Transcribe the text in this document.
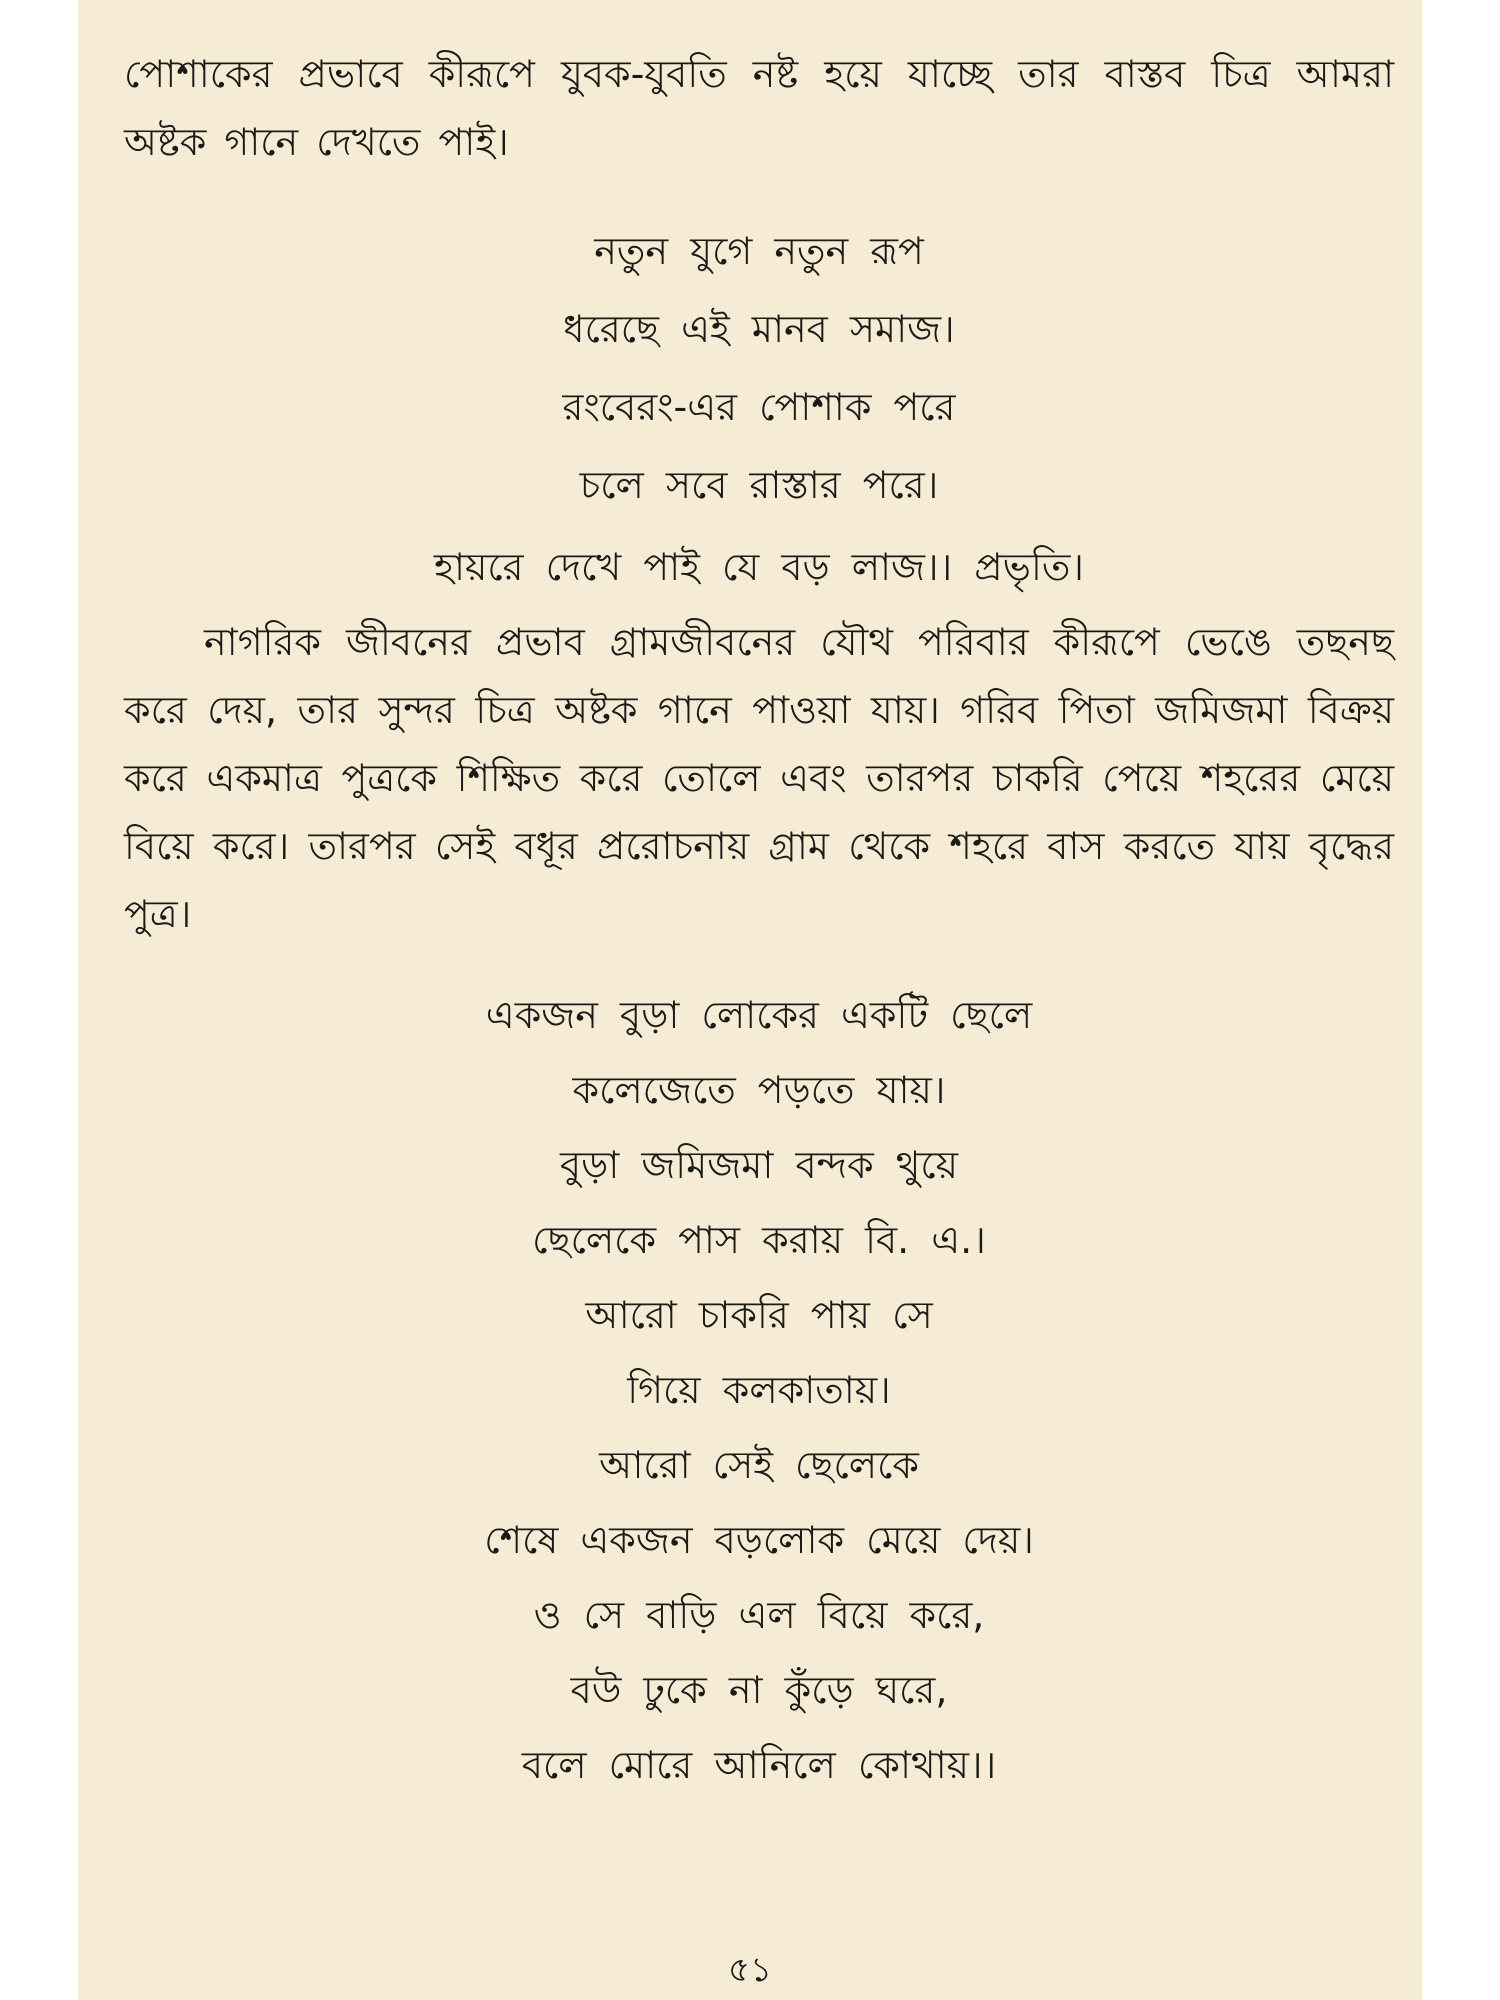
পোশাকের প্রভাবে কীরূপে যুবক-যুবতি নষ্ট হয়ে যাচ্ছে তার বাস্তব চিত্র আমরা অষ্টক গানে দেখতে পাই।

নতুন যুগে নতুন রূপ
ধরেছে এই মানব সমাজ।
রংবেরং-এর পোশাক পরে
চলে সবে রাস্তার পরে।
হায়রে দেখে পাই যে বড় লাজ।। প্রভৃতি।

নাগরিক জীবনের প্রভাব গ্রামজীবনের যৌথ পরিবার কীরূপে ভেঙে তছনছ করে দেয়, তার সুন্দর চিত্র অষ্টক গানে পাওয়া যায়। গরিব পিতা জমিজমা বিক্রয় করে একমাত্র পুত্রকে শিক্ষিত করে তোলে এবং তারপর চাকরি পেয়ে শহরের মেয়ে বিয়ে করে। তারপর সেই বধূর প্ররোচনায় গ্রাম থেকে শহরে বাস করতে যায় বৃদ্ধের পুত্র।

একজন বুড়া লোকের একটি ছেলে
কলেজেতে পড়তে যায়।
বুড়া জমিজমা বন্দক থুয়ে
ছেলেকে পাস করায় বি. এ.।
আরো চাকরি পায় সে
গিয়ে কলকাতায়।
আরো সেই ছেলেকে
শেষে একজন বড়লোক মেয়ে দেয়।
ও সে বাড়ি এল বিয়ে করে,
বউ ঢুকে না কুঁড়ে ঘরে,
বলে মোরে আনিলে কোথায়।।
৫১
